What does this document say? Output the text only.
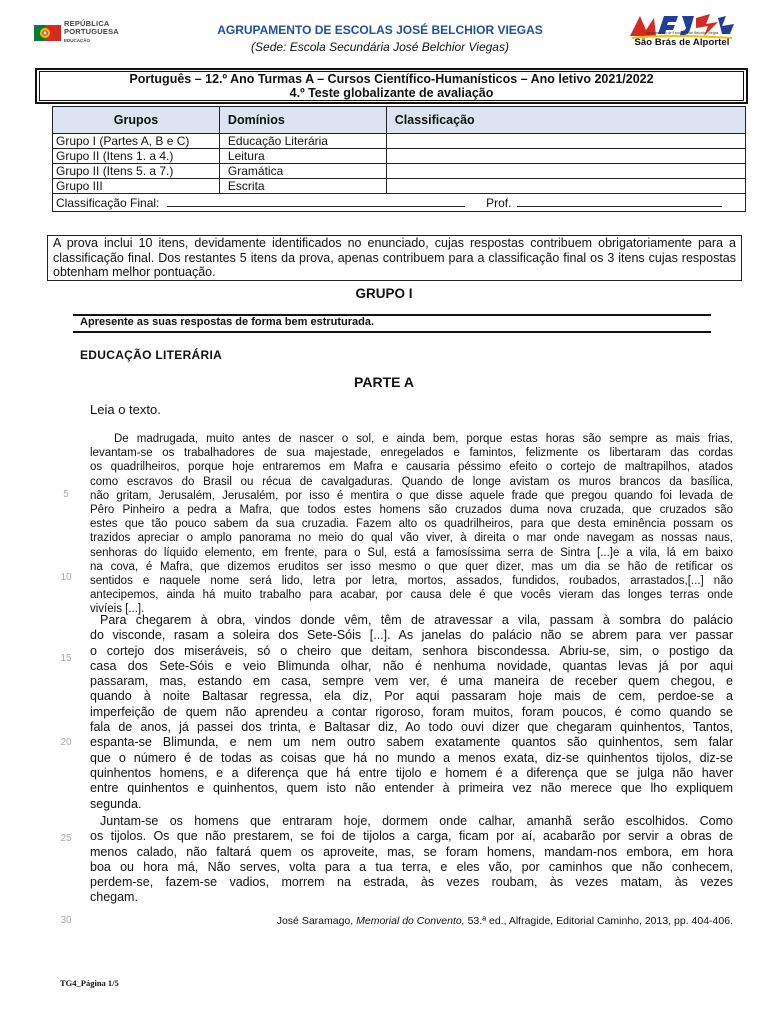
REPÚBLICA
PORTUGUESA
EDUCAÇÃO
AGRUPAMENTO DE ESCOLAS JOSÉ BELCHIOR VIEGAS
(Sede: Escola Secundária José Belchior Viegas)
Agrupamento de Escolas José Belchior Viegas
São Brás de Alportel
Português – 12.º Ano Turmas A – Cursos Científico-Humanísticos – Ano letivo 2021/2022
4.º Teste globalizante de avaliação
Grupos	Domínios	Classificação
Grupo I (Partes A, B e C)	Educação Literária	
Grupo II (Itens 1. a 4.)	Leitura	
Grupo II (Itens 5. a 7.)	Gramática	
Grupo III	Escrita	
Classificação Final: Prof.		
A prova inclui 10 itens, devidamente identificados no enunciado, cujas respostas contribuem obrigatoriamente para a classificação final. Dos restantes 5 itens da prova, apenas contribuem para a classificação final os 3 itens cujas respostas obtenham melhor pontuação.
GRUPO I
Apresente as suas respostas de forma bem estruturada.
EDUCAÇÃO LITERÁRIA
PARTE A
Leia o texto.
De madrugada, muito antes de nascer o sol, e ainda bem, porque estas horas são sempre as mais frias,
levantam-se os trabalhadores de sua majestade, enregelados e famintos, felizmente os libertaram das cordas
os quadrilheiros, porque hoje entraremos em Mafra e causaria péssimo efeito o cortejo de maltrapilhos, atados
como escravos do Brasil ou récua de cavalgaduras. Quando de longe avistam os muros brancos da basílica,
não gritam, Jerusalém, Jerusalém, por isso é mentira o que disse aquele frade que pregou quando foi levada de
Pêro Pinheiro a pedra a Mafra, que todos estes homens são cruzados duma nova cruzada, que cruzados são
estes que tão pouco sabem da sua cruzadia. Fazem alto os quadrilheiros, para que desta eminência possam os
trazidos apreciar o amplo panorama no meio do qual vão viver, à direita o mar onde navegam as nossas naus,
senhoras do líquido elemento, em frente, para o Sul, está a famosíssima serra de Sintra [...]e a vila, lá em baixo
na cova, é Mafra, que dizemos eruditos ser isso mesmo o que quer dizer, mas um dia se hão de retificar os
sentidos e naquele nome será lido, letra por letra, mortos, assados, fundidos, roubados, arrastados,[...] não
antecipemos, ainda há muito trabalho para acabar, por causa dele é que vocês vieram das longes terras onde
vivíeis [...].
Para chegarem à obra, vindos donde vêm, têm de atravessar a vila, passam à sombra do palácio
do visconde, rasam a soleira dos Sete-Sóis [...]. As janelas do palácio não se abrem para ver passar
o cortejo dos miseráveis, só o cheiro que deitam, senhora biscondessa. Abriu-se, sim, o postigo da
casa dos Sete-Sóis e veio Blimunda olhar, não é nenhuma novidade, quantas levas já por aqui
passaram, mas, estando em casa, sempre vem ver, é uma maneira de receber quem chegou, e
quando à noite Baltasar regressa, ela diz, Por aqui passaram hoje mais de cem, perdoe-se a
imperfeição de quem não aprendeu a contar rigoroso, foram muitos, foram poucos, é como quando se
fala de anos, já passei dos trinta, e Baltasar diz, Ao todo ouvi dizer que chegaram quinhentos, Tantos,
espanta-se Blimunda, e nem um nem outro sabem exatamente quantos são quinhentos, sem falar
que o número é de todas as coisas que há no mundo a menos exata, diz-se quinhentos tijolos, diz-se
quinhentos homens, e a diferença que há entre tijolo e homem é a diferença que se julga não haver
entre quinhentos e quinhentos, quem isto não entender à primeira vez não merece que lho expliquem
segunda.
Juntam-se os homens que entraram hoje, dormem onde calhar, amanhã serão escolhidos. Como
os tijolos. Os que não prestarem, se foi de tijolos a carga, ficam por aí, acabarão por servir a obras de
menos calado, não faltará quem os aproveite, mas, se foram homens, mandam-nos embora, em hora
boa ou hora má, Não serves, volta para a tua terra, e eles vão, por caminhos que não conhecem,
perdem-se, fazem-se vadios, morrem na estrada, às vezes roubam, às vezes matam, às vezes
chegam.
5
10
15
20
25
30	José Saramago, Memorial do Convento, 53.ª ed., Alfragide, Editorial Caminho, 2013, pp. 404-406.
TG4_Página 1/5
